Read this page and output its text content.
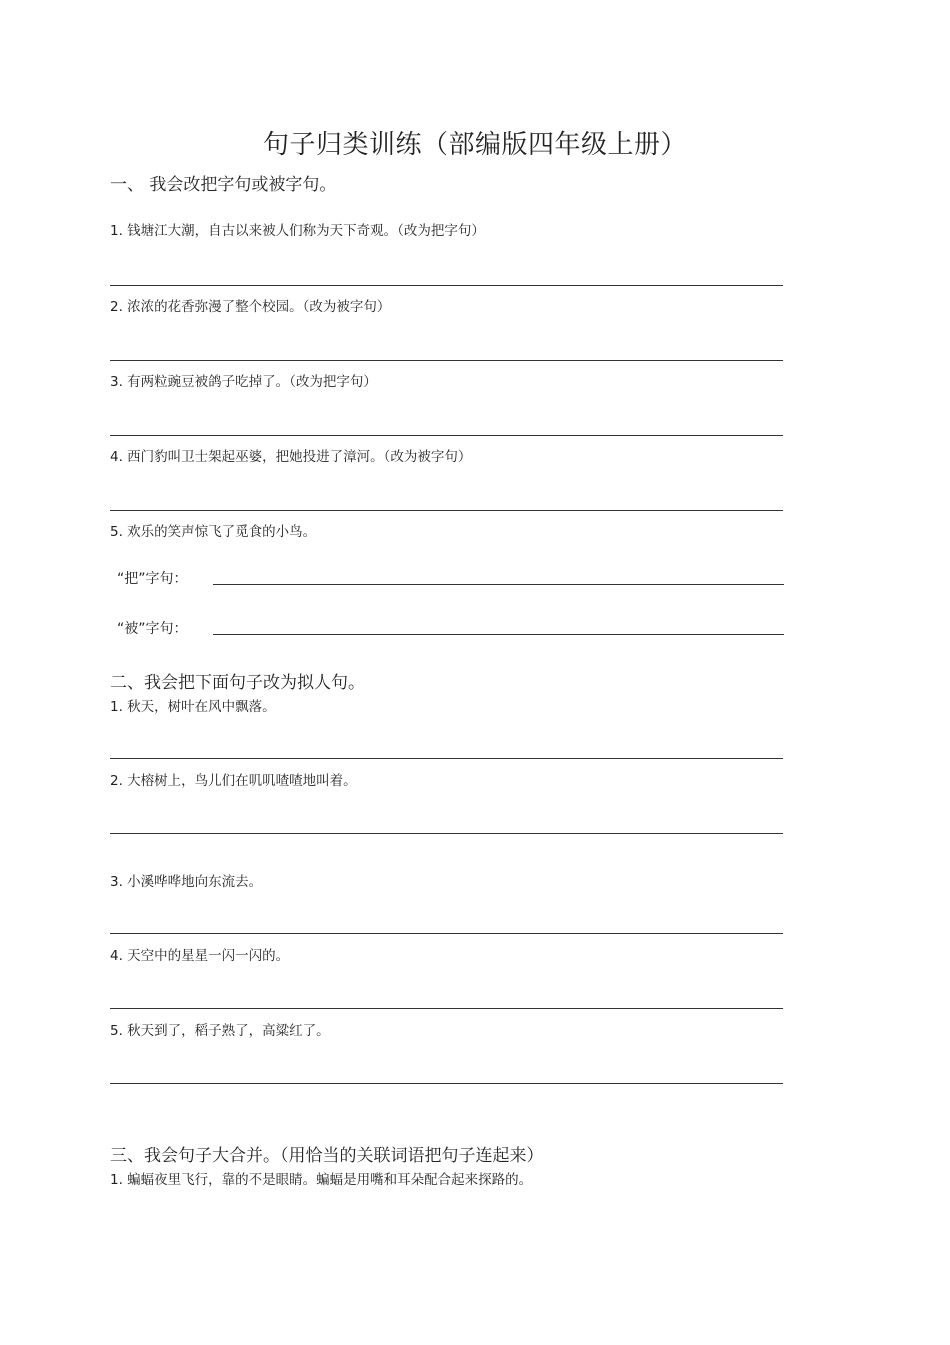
句子归类训练（部编版四年级上册）
一、 我会改把字句或被字句。
1. 钱塘江大潮，自古以来被人们称为天下奇观。（改为把字句）
2. 浓浓的花香弥漫了整个校园。（改为被字句）
3. 有两粒豌豆被鸽子吃掉了。（改为把字句）
4. 西门豹叫卫士架起巫婆，把她投进了漳河。（改为被字句）
5. 欢乐的笑声惊飞了觅食的小鸟。
“把”字句：
“被”字句：
二、我会把下面句子改为拟人句。
1. 秋天，树叶在风中飘落。
2. 大榕树上，鸟儿们在叽叽喳喳地叫着。
3. 小溪哗哗地向东流去。
4. 天空中的星星一闪一闪的。
5. 秋天到了，稻子熟了，高粱红了。
三、我会句子大合并。（用恰当的关联词语把句子连起来）
1. 蝙蝠夜里飞行，靠的不是眼睛。蝙蝠是用嘴和耳朵配合起来探路的。
